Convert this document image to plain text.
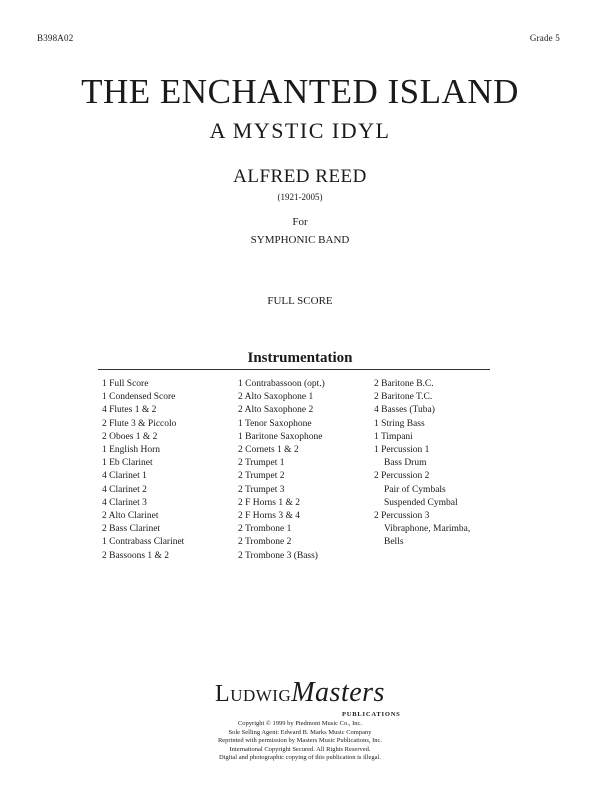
B398A02	Grade 5
THE ENCHANTED ISLAND
A MYSTIC IDYL
ALFRED REED
(1921-2005)
For
SYMPHONIC BAND
FULL SCORE
Instrumentation
1 Full Score
1 Condensed Score
4 Flutes 1 & 2
2 Flute 3 & Piccolo
2 Oboes 1 & 2
1 English Horn
1 Eb Clarinet
4 Clarinet 1
4 Clarinet 2
4 Clarinet 3
2 Alto Clarinet
2 Bass Clarinet
1 Contrabass Clarinet
2 Bassoons 1 & 2
1 Contrabassoon (opt.)
2 Alto Saxophone 1
2 Alto Saxophone 2
1 Tenor Saxophone
1 Baritone Saxophone
2 Cornets 1 & 2
2 Trumpet 1
2 Trumpet 2
2 Trumpet 3
2 F Horns 1 & 2
2 F Horns 3 & 4
2 Trombone 1
2 Trombone 2
2 Trombone 3 (Bass)
2 Baritone B.C.
2 Baritone T.C.
4 Basses (Tuba)
1 String Bass
1 Timpani
1 Percussion 1
Bass Drum
2 Percussion 2
Pair of Cymbals
Suspended Cymbal
2 Percussion 3
Vibraphone, Marimba,
Bells
LudwigMasters
PUBLICATIONS
Copyright © 1999 by Piedmont Music Co., Inc.
Sole Selling Agent: Edward B. Marks Music Company
Reprinted with permission by Masters Music Publications, Inc.
International Copyright Secured. All Rights Reserved.
Digital and photographic copying of this publication is illegal.
